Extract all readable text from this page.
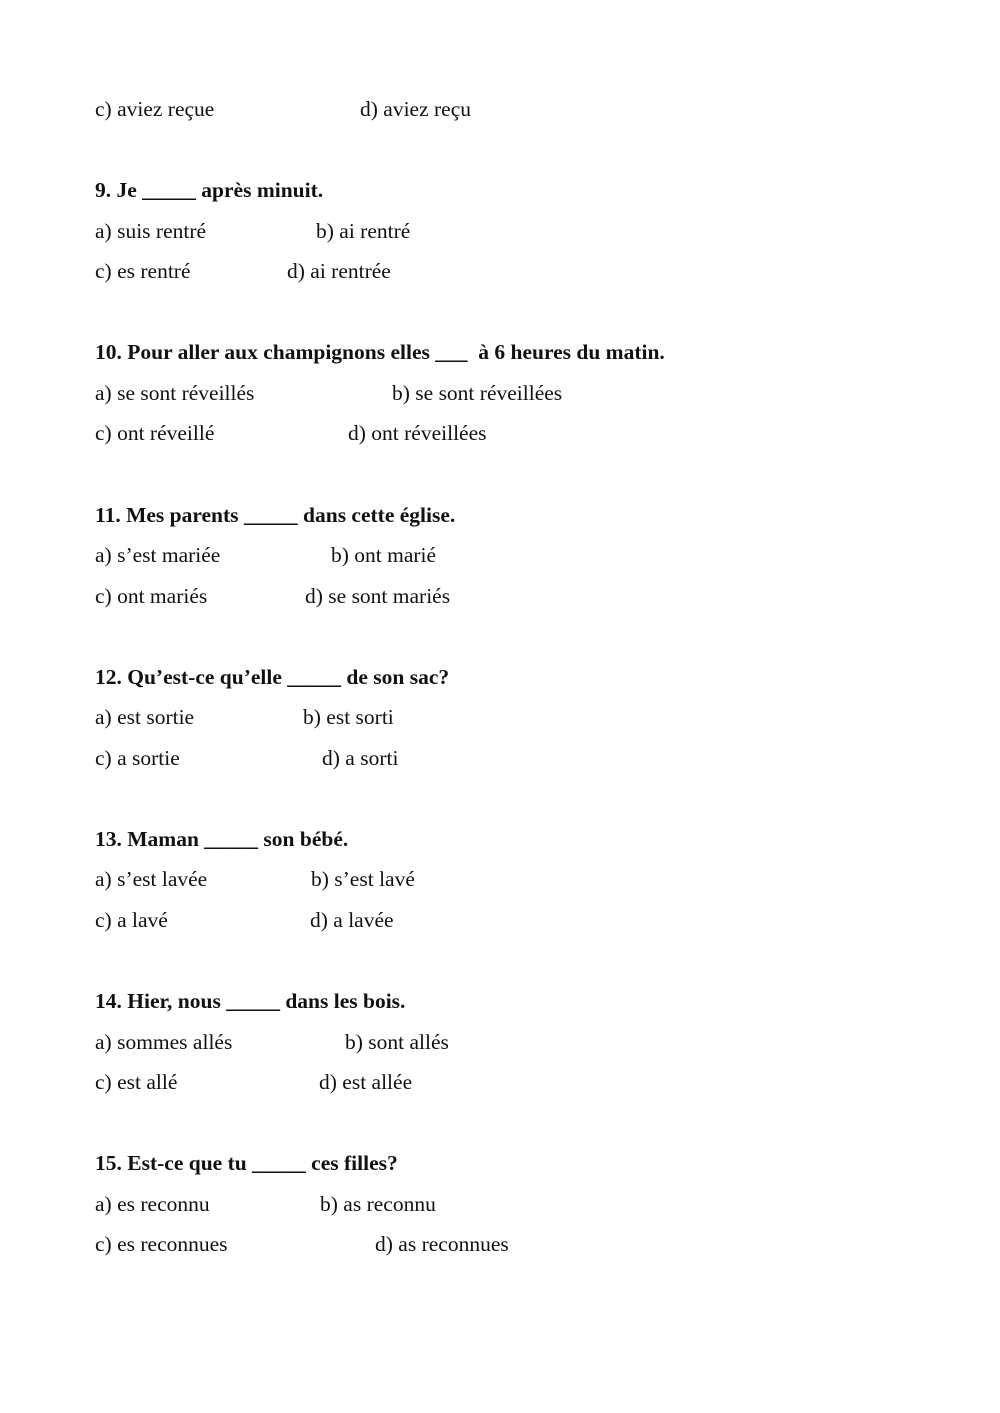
c) aviez reçue	d) aviez reçu
9. Je _____ après minuit.
a) suis rentré	b) ai rentré
c) es rentré	d) ai rentrée
10. Pour aller aux champignons elles ___  à 6 heures du matin.
a) se sont réveillés	b) se sont réveillées
c) ont réveillé	d) ont réveillées
11. Mes parents _____ dans cette église.
a) s’est mariée	b) ont marié
c) ont mariés	d) se sont mariés
12. Qu’est-ce qu’elle _____ de son sac?
a) est sortie	b) est sorti
c) a sortie	d) a sorti
13. Maman _____ son bébé.
a) s’est lavée	b) s’est lavé
c) a lavé	d) a lavée
14. Hier, nous _____ dans les bois.
a) sommes allés	b) sont allés
c) est allé	d) est allée
15. Est-ce que tu _____ ces filles?
a) es reconnu	b) as reconnu
c) es reconnues	d) as reconnues
